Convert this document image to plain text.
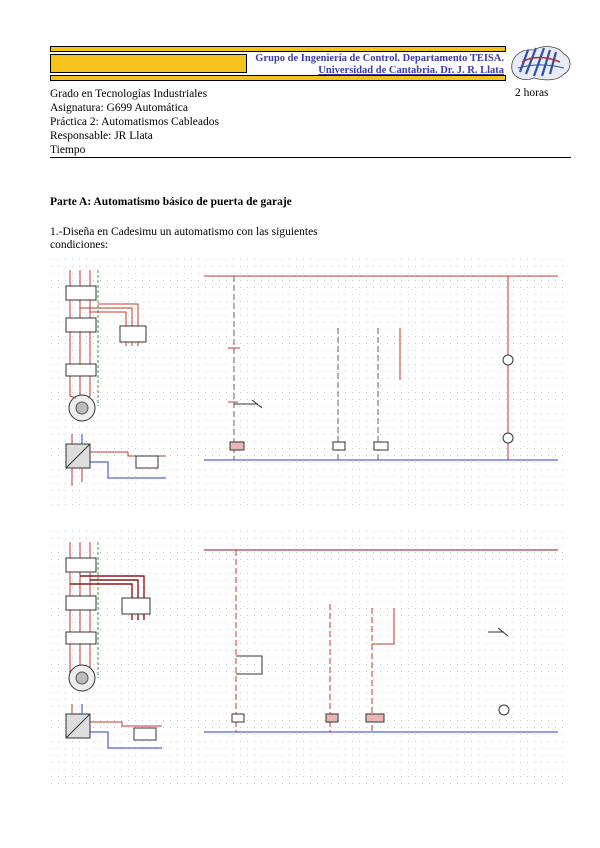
Grupo de Ingeniería de Control. Departamento TEISA.
Universidad de Cantabria. Dr. J. R. Llata
Grado en Tecnologías Industriales
Asignatura: G699 Automática
Práctica 2: Automatismos Cableados
Responsable: JR Llata
Tiempo
2 horas
Parte A: Automatismo básico de puerta de garaje
1.-Diseña en Cadesimu un automatismo con las siguientes condiciones:
